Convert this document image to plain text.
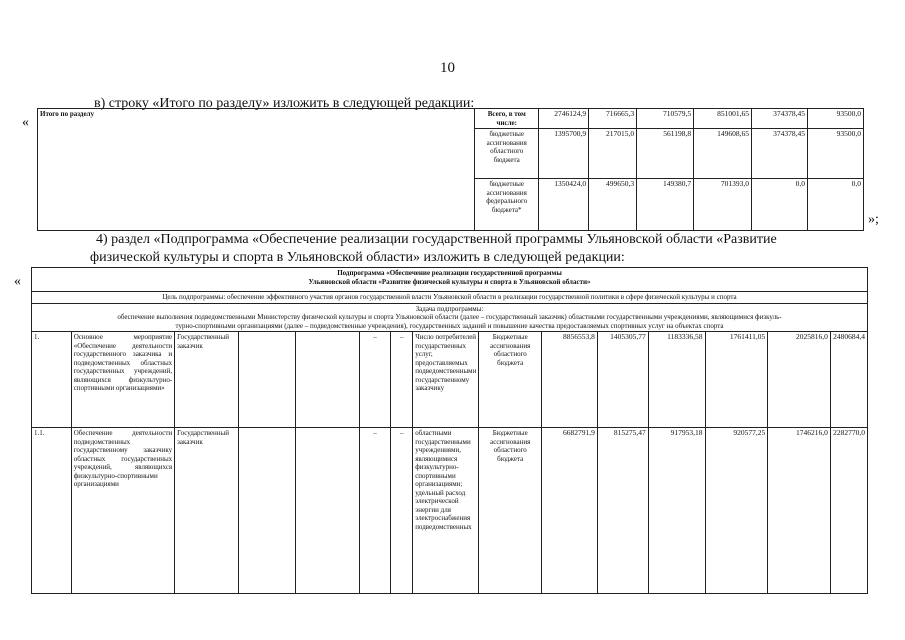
10
в) строку «Итого по разделу» изложить в следующей редакции:
«
»;
Итого по разделу	Всего, в том числе:	2746124,9	716665,3	710579,5	851001,65	374378,45	93500,0
	бюджетные ассигнования областного бюджета	1395700,9	217015,0	561198,8	149608,65	374378,45	93500,0
	бюджетные ассигнования федерального бюджета*	1350424,0	499650,3	149380,7	701393,0	0,0	0,0
4) раздел «Подпрограмма «Обеспечение реализации государственной программы Ульяновской области «Развитие
физической культуры и спорта в Ульяновской области» изложить в следующей редакции:
«
Подпрограмма «Обеспечение реализации государственной программы
Ульяновской области «Развитие физической культуры и спорта в Ульяновской области»														

Цель подпрограммы: обеспечение эффективного участия органов государственной власти Ульяновской области в реализации государственной политики в сфере физической культуры и спорта														

Задача подпрограммы:
обеспечение выполнения подведомственными Министерству физической культуры и спорта Ульяновской области (далее – государственный заказчик) областными государственными учреждениями, являющимися физкуль-
турно-спортивными организациями (далее – подведомственные учреждения), государственных заданий и повышение качества предоставляемых спортивных услуг на объектах спорта														

1.	Основное мероприятие «Обеспечение деятельности государственного заказчика и подведомственных областных государственных учреждений, являющихся физкультурно-спортивными организациями»	Государственный заказчик			–	–	Число потребителей государственных услуг, предоставляемых подведомственными государственному заказчику	Бюджетные ассигнования областного бюджета	8856553,8	1405305,77	1183336,58	1761411,05	2025816,0	2480684,4
1.1.	Обеспечение деятельности подведомственных государственному заказчику областных государственных учреждений, являющихся физкультурно-спортивными организациями	Государственный заказчик			–	–	областными государственными учреждениями, являющимися физкультурно-спортивными организациями; удельный расход электрической энергии для электроснабжения подведомственных	Бюджетные ассигнования областного бюджета	6682791,9	815275,47	917953,18	920577,25	1746216,0	2282770,0
